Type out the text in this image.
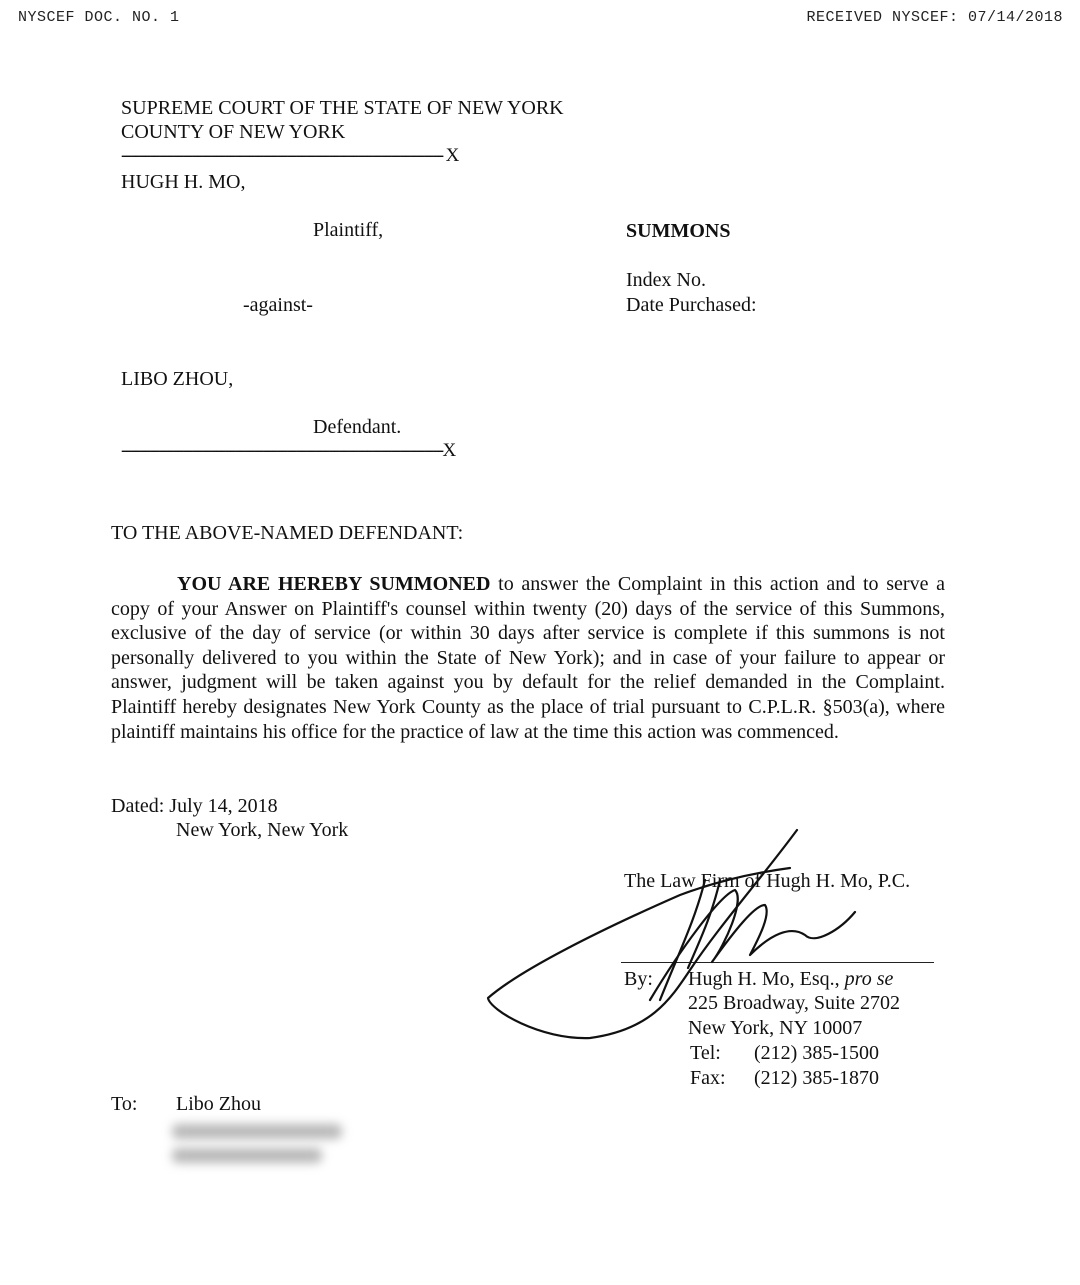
NYSCEF DOC. NO. 1	RECEIVED NYSCEF: 07/14/2018
SUPREME COURT OF THE STATE OF NEW YORK
COUNTY OF NEW YORK
-------------------------------------------------------------------- X
HUGH H. MO,
Plaintiff,	SUMMONS
Index No.
Date Purchased:
-against-
LIBO ZHOU,
Defendant.
--------------------------------------------------------------------X
TO THE ABOVE-NAMED DEFENDANT:
YOU ARE HEREBY SUMMONED to answer the Complaint in this action and to serve a copy of your Answer on Plaintiff's counsel within twenty (20) days of the service of this Summons, exclusive of the day of service (or within 30 days after service is complete if this summons is not personally delivered to you within the State of New York); and in case of your failure to appear or answer, judgment will be taken against you by default for the relief demanded in the Complaint. Plaintiff hereby designates New York County as the place of trial pursuant to C.P.L.R. §503(a), where plaintiff maintains his office for the practice of law at the time this action was commenced.
Dated: July 14, 2018
New York, New York
The Law Firm of Hugh H. Mo, P.C.
By: Hugh H. Mo, Esq., pro se
225 Broadway, Suite 2702
New York, NY 10007
Tel: (212) 385-1500
Fax: (212) 385-1870
To: Libo Zhou
